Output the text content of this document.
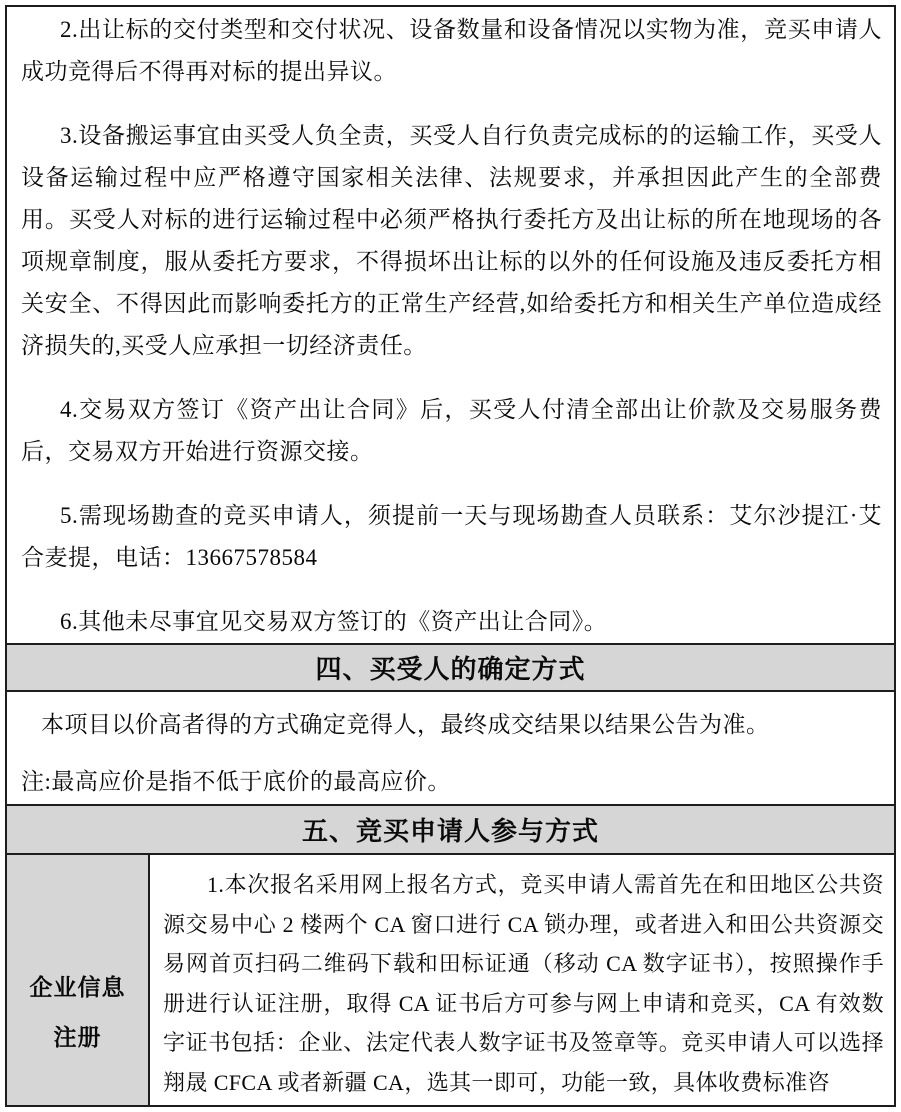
2.出让标的交付类型和交付状况、设备数量和设备情况以实物为准，竞买申请人成功竞得后不得再对标的提出异议。

3.设备搬运事宜由买受人负全责，买受人自行负责完成标的的运输工作，买受人设备运输过程中应严格遵守国家相关法律、法规要求，并承担因此产生的全部费用。买受人对标的进行运输过程中必须严格执行委托方及出让标的所在地现场的各项规章制度，服从委托方要求，不得损坏出让标的以外的任何设施及违反委托方相关安全、不得因此而影响委托方的正常生产经营,如给委托方和相关生产单位造成经济损失的,买受人应承担一切经济责任。

4.交易双方签订《资产出让合同》后，买受人付清全部出让价款及交易服务费后，交易双方开始进行资源交接。

5.需现场勘查的竞买申请人，须提前一天与现场勘查人员联系：艾尔沙提江·艾合麦提，电话：13667578584

6.其他未尽事宜见交易双方签订的《资产出让合同》。

四、买受人的确定方式

本项目以价高者得的方式确定竞得人，最终成交结果以结果公告为准。

注:最高应价是指不低于底价的最高应价。

五、竞买申请人参与方式
企业信息
注册

1.本次报名采用网上报名方式，竞买申请人需首先在和田地区公共资源交易中心 2 楼两个 CA 窗口进行 CA 锁办理，或者进入和田公共资源交易网首页扫码二维码下载和田标证通（移动 CA 数字证书），按照操作手册进行认证注册，取得 CA 证书后方可参与网上申请和竞买，CA 有效数字证书包括：企业、法定代表人数字证书及签章等。竞买申请人可以选择翔晟 CFCA 或者新疆 CA，选其一即可，功能一致，具体收费标准咨
